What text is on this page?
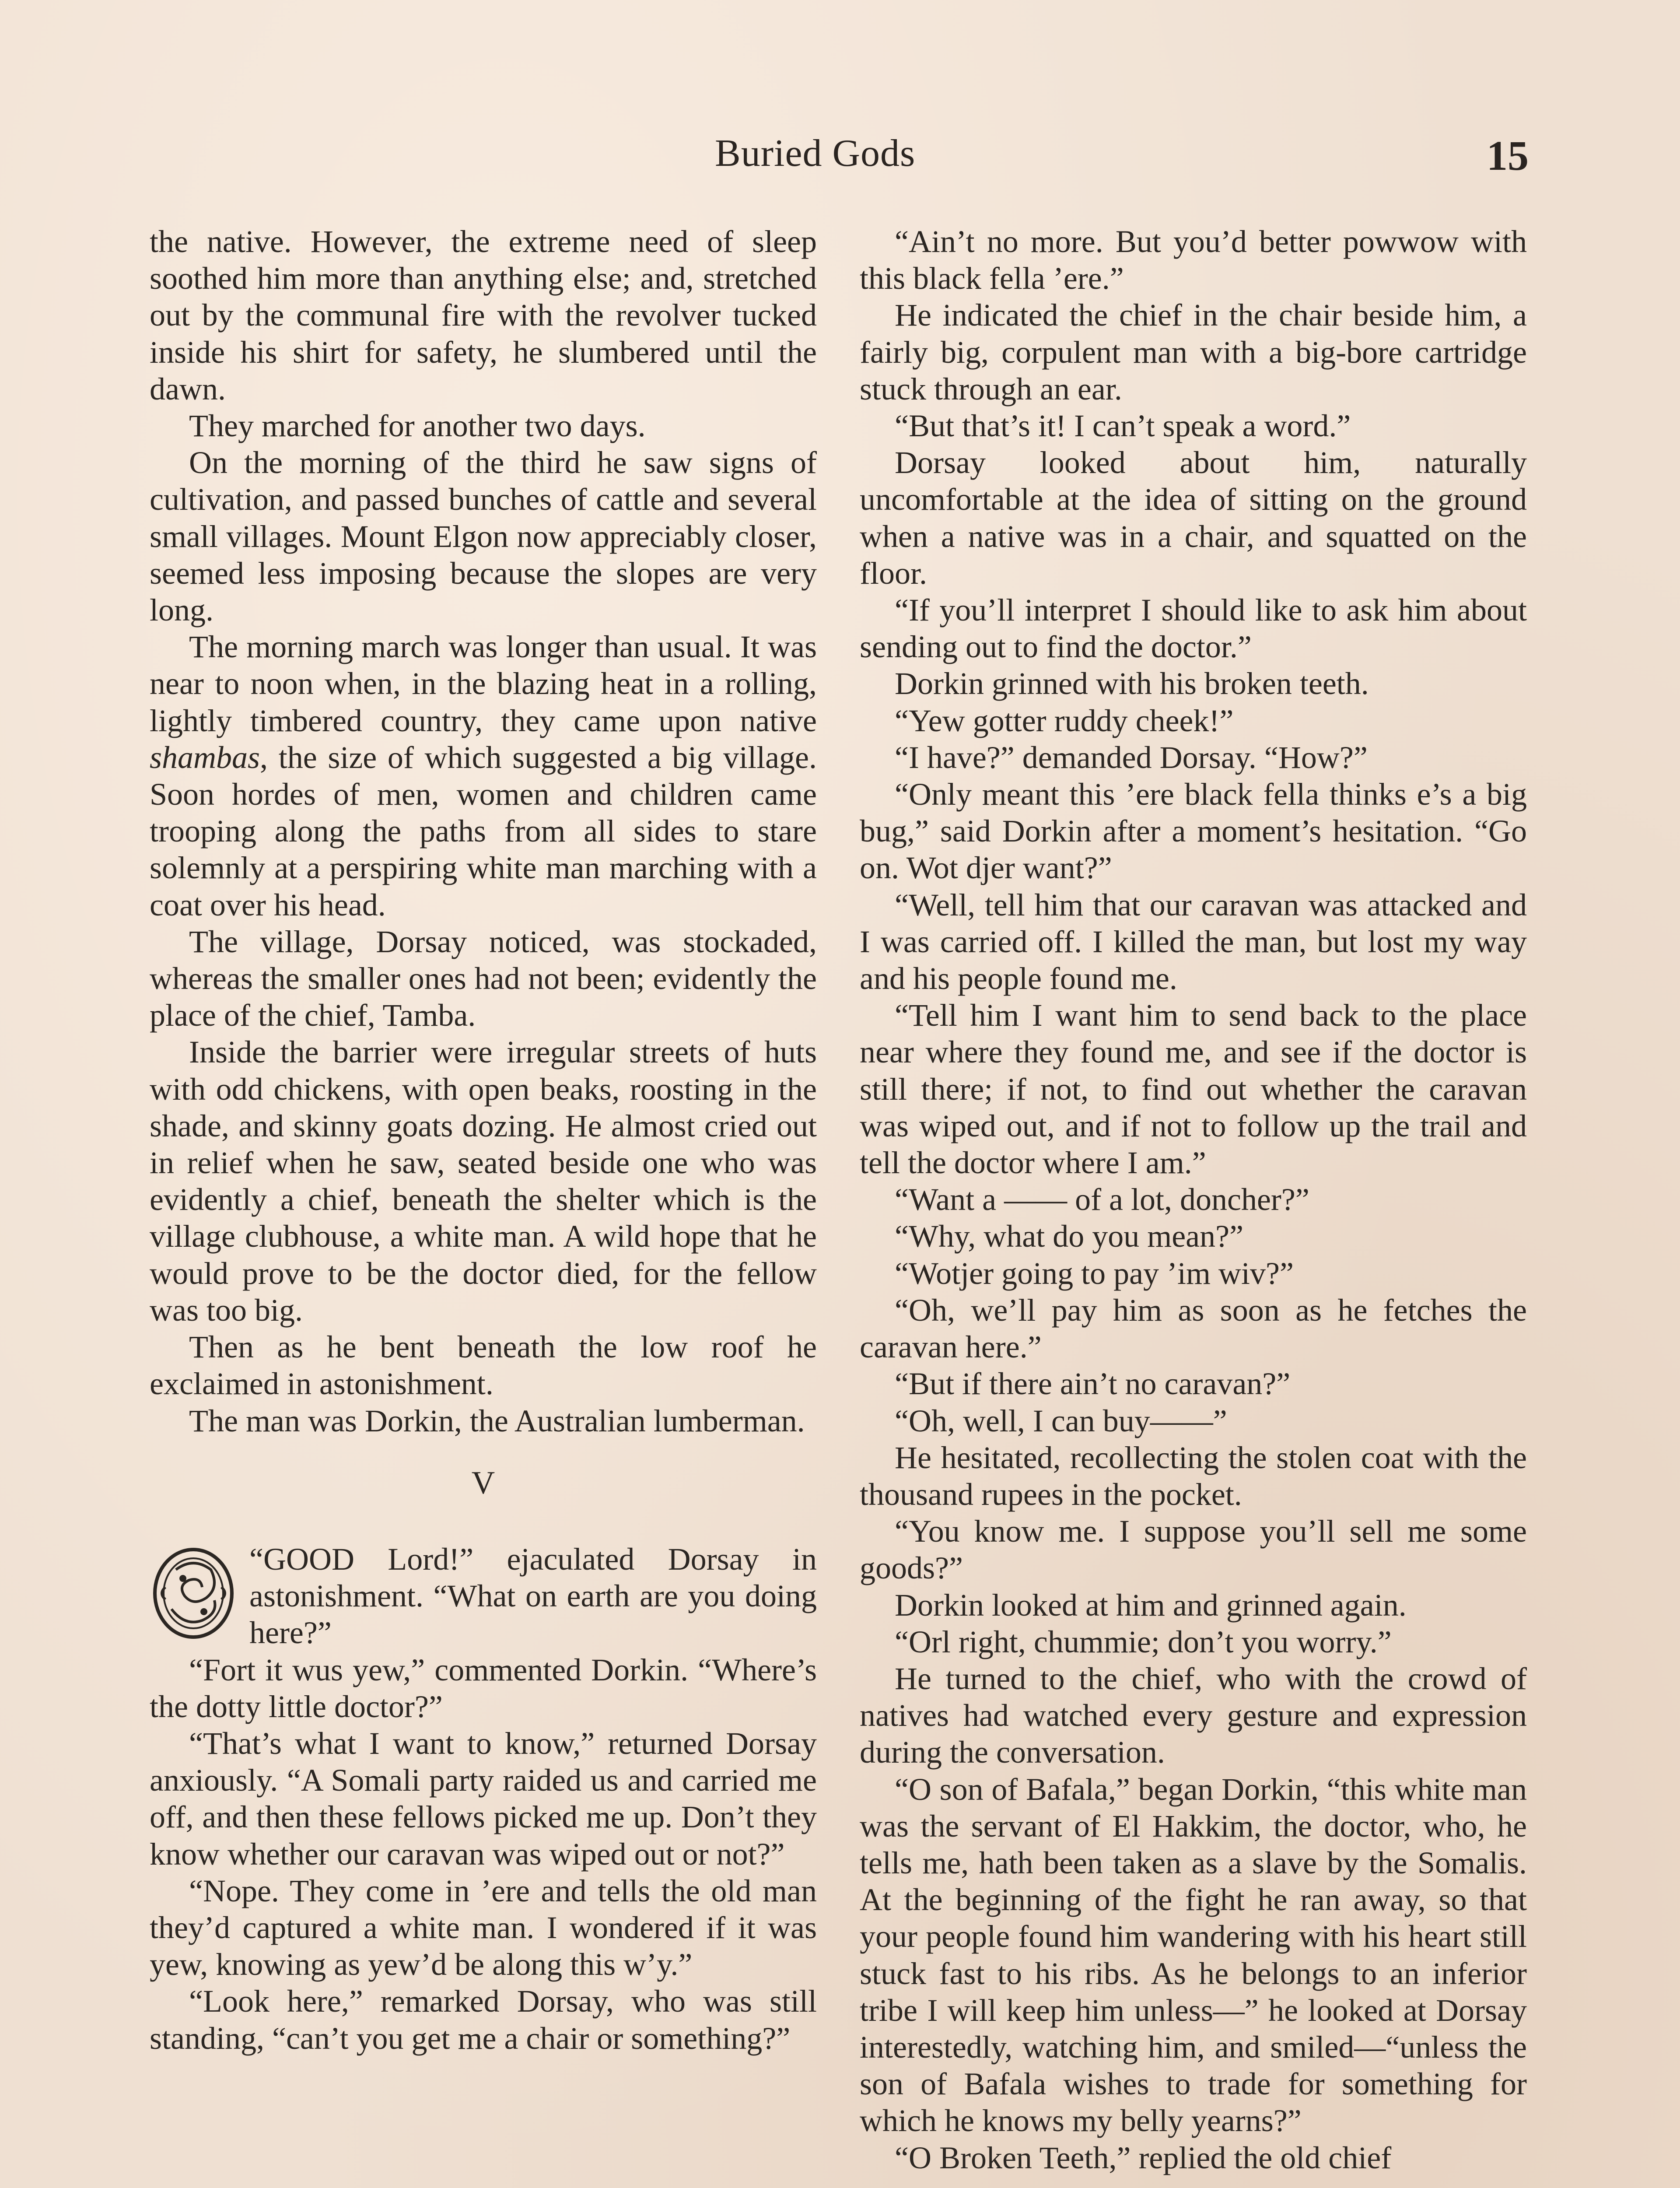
Buried Gods	15

the native. However, the extreme need of sleep soothed him more than anything else; and, stretched out by the communal fire with the revolver tucked inside his shirt for safety, he slumbered until the dawn.

They marched for another two days.

On the morning of the third he saw signs of cultivation, and passed bunches of cattle and several small villages. Mount Elgon now appreciably closer, seemed less imposing because the slopes are very long.

The morning march was longer than usual. It was near to noon when, in the blazing heat in a rolling, lightly timbered country, they came upon native shambas, the size of which suggested a big village. Soon hordes of men, women and children came trooping along the paths from all sides to stare solemnly at a perspiring white man marching with a coat over his head.

The village, Dorsay noticed, was stockaded, whereas the smaller ones had not been; evidently the place of the chief, Tamba.

Inside the barrier were irregular streets of huts with odd chickens, with open beaks, roosting in the shade, and skinny goats dozing. He almost cried out in relief when he saw, seated beside one who was evidently a chief, beneath the shelter which is the village clubhouse, a white man. A wild hope that he would prove to be the doctor died, for the fellow was too big.

Then as he bent beneath the low roof he exclaimed in astonishment.

The man was Dorkin, the Australian lumberman.

V

“GOOD Lord!” ejaculated Dorsay in astonishment. “What on earth are you doing here?”

“Fort it wus yew,” commented Dorkin. “Where’s the dotty little doctor?”

“That’s what I want to know,” returned Dorsay anxiously. “A Somali party raided us and carried me off, and then these fellows picked me up. Don’t they know whether our caravan was wiped out or not?”

“Nope. They come in ’ere and tells the old man they’d captured a white man. I wondered if it was yew, knowing as yew’d be along this w’y.”

“Look here,” remarked Dorsay, who was still standing, “can’t you get me a chair or something?”

“Ain’t no more. But you’d better powwow with this black fella ’ere.”

He indicated the chief in the chair beside him, a fairly big, corpulent man with a big-bore cartridge stuck through an ear.

“But that’s it! I can’t speak a word.”

Dorsay looked about him, naturally uncomfortable at the idea of sitting on the ground when a native was in a chair, and squatted on the floor.

“If you’ll interpret I should like to ask him about sending out to find the doctor.”

Dorkin grinned with his broken teeth.

“Yew gotter ruddy cheek!”

“I have?” demanded Dorsay. “How?”

“Only meant this ’ere black fella thinks e’s a big bug,” said Dorkin after a moment’s hesitation. “Go on. Wot djer want?”

“Well, tell him that our caravan was attacked and I was carried off. I killed the man, but lost my way and his people found me.

“Tell him I want him to send back to the place near where they found me, and see if the doctor is still there; if not, to find out whether the caravan was wiped out, and if not to follow up the trail and tell the doctor where I am.”

“Want a —— of a lot, doncher?”

“Why, what do you mean?”

“Wotjer going to pay ’im wiv?”

“Oh, we’ll pay him as soon as he fetches the caravan here.”

“But if there ain’t no caravan?”

“Oh, well, I can buy——”

He hesitated, recollecting the stolen coat with the thousand rupees in the pocket.

“You know me. I suppose you’ll sell me some goods?”

Dorkin looked at him and grinned again.

“Orl right, chummie; don’t you worry.”

He turned to the chief, who with the crowd of natives had watched every gesture and expression during the conversation.

“O son of Bafala,” began Dorkin, “this white man was the servant of El Hakkim, the doctor, who, he tells me, hath been taken as a slave by the Somalis. At the beginning of the fight he ran away, so that your people found him wandering with his heart still stuck fast to his ribs. As he belongs to an inferior tribe I will keep him unless—” he looked at Dorsay interestedly, watching him, and smiled—“unless the son of Bafala wishes to trade for something for which he knows my belly yearns?”

“O Broken Teeth,” replied the old chief
